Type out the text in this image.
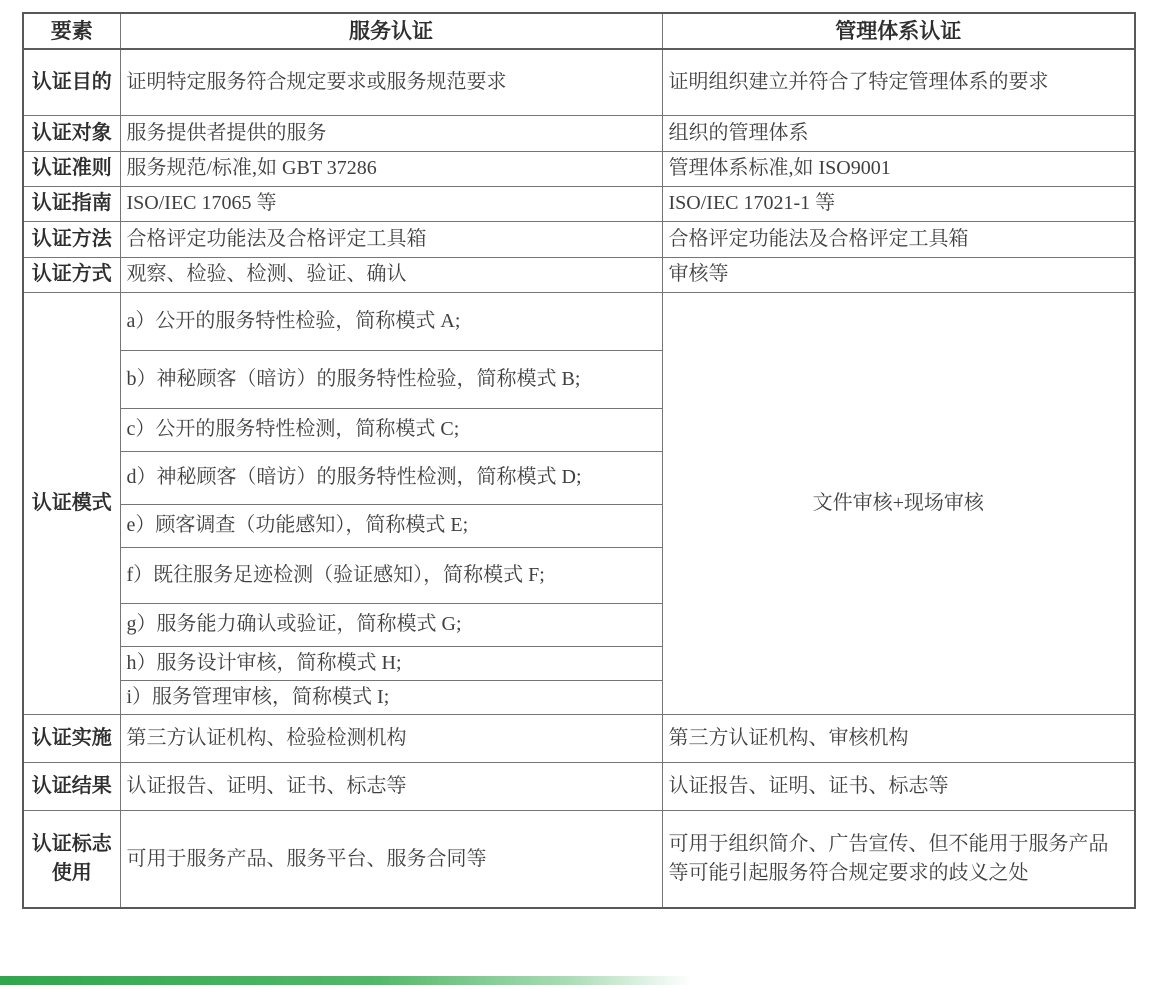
要素	服务认证	管理体系认证
认证目的	证明特定服务符合规定要求或服务规范要求	证明组织建立并符合了特定管理体系的要求
认证对象	服务提供者提供的服务	组织的管理体系
认证准则	服务规范/标准,如 GBT 37286	管理体系标准,如 ISO9001
认证指南	ISO/IEC 17065 等	ISO/IEC 17021-1 等
认证方法	合格评定功能法及合格评定工具箱	合格评定功能法及合格评定工具箱
认证方式	观察、检验、检测、验证、确认	审核等
认证模式	a）公开的服务特性检验，简称模式 A;	文件审核+现场审核
	b）神秘顾客（暗访）的服务特性检验，简称模式 B;	
	c）公开的服务特性检测，简称模式 C;	
	d）神秘顾客（暗访）的服务特性检测，简称模式 D;	
	e）顾客调查（功能感知），简称模式 E;	
	f）既往服务足迹检测（验证感知），简称模式 F;	
	g）服务能力确认或验证，简称模式 G;	
	h）服务设计审核，简称模式 H;	
	i）服务管理审核，简称模式 I;	
认证实施	第三方认证机构、检验检测机构	第三方认证机构、审核机构
认证结果	认证报告、证明、证书、标志等	认证报告、证明、证书、标志等
认证标志使用	可用于服务产品、服务平台、服务合同等	可用于组织简介、广告宣传、但不能用于服务产品等可能引起服务符合规定要求的歧义之处
